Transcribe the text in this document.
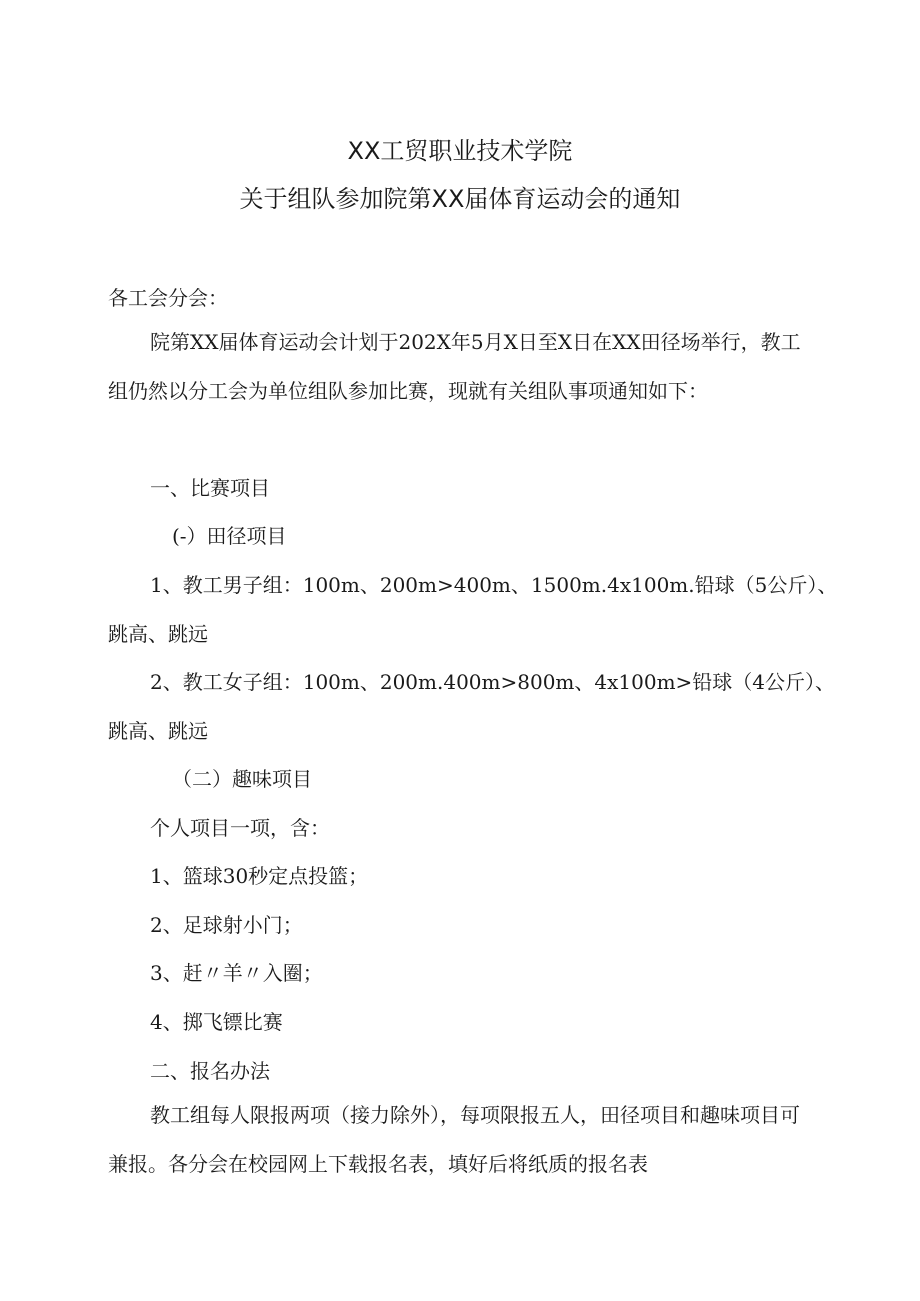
XX工贸职业技术学院
关于组队参加院第XX届体育运动会的通知
各工会分会：
院第XX届体育运动会计划于202X年5月X日至X日在XX田径场举行，教工组仍然以分工会为单位组队参加比赛，现就有关组队事项通知如下：
一、比赛项目
(-）田径项目
1、教工男子组：100m、200m>400m、1500m.4x100m.铅球（5公斤）、
跳高、跳远
2、教工女子组：100m、200m.400m>800m、4x100m>铅球（4公斤）、
跳高、跳远
（二）趣味项目
个人项目一项，含：
1、篮球30秒定点投篮；
2、足球射小门；
3、赶〃羊〃入圈；
4、掷飞镖比赛
二、报名办法
教工组每人限报两项（接力除外），每项限报五人，田径项目和趣味项目可兼报。各分会在校园网上下载报名表，填好后将纸质的报名表
